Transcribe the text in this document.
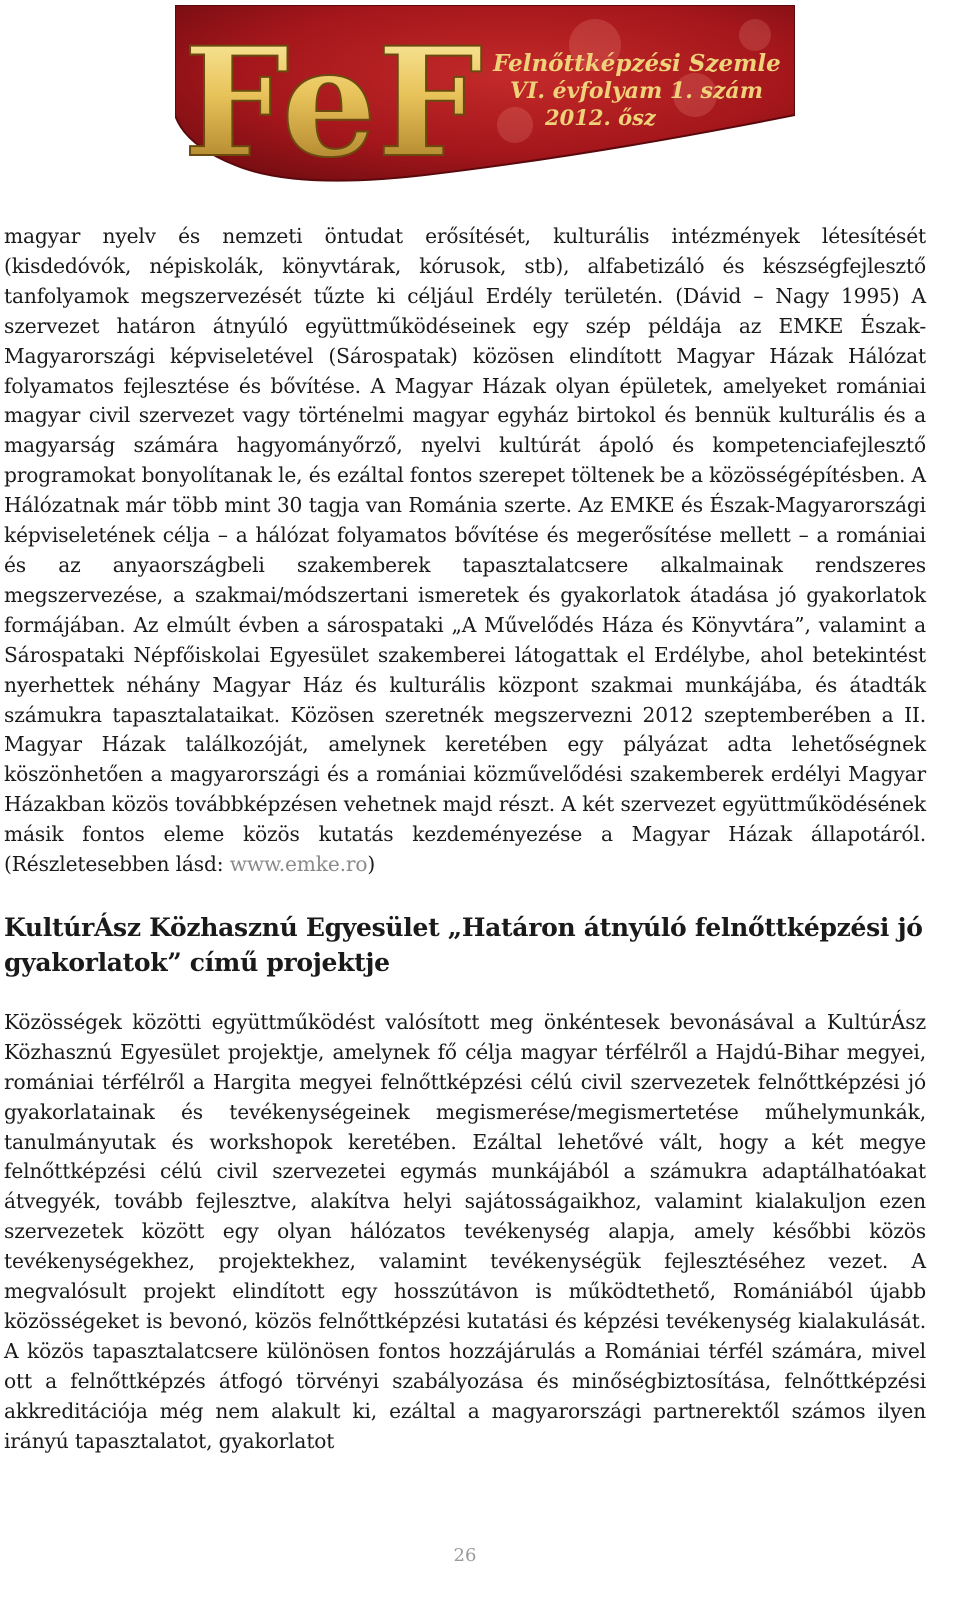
FeF Felnőttképzési Szemle
VI. évfolyam 1. szám
2012. ősz

magyar nyelv és nemzeti öntudat erősítését, kulturális intézmények létesítését (kisdedóvók, népiskolák, könyvtárak, kórusok, stb), alfabetizáló és készségfejlesztő tanfolyamok megszervezését tűzte ki céljául Erdély területén. (Dávid – Nagy 1995) A szervezet határon átnyúló együttműködéseinek egy szép példája az EMKE Észak-Magyarországi képviseletével (Sárospatak) közösen elindított Magyar Házak Hálózat folyamatos fejlesztése és bővítése. A Magyar Házak olyan épületek, amelyeket romániai magyar civil szervezet vagy történelmi magyar egyház birtokol és bennük kulturális és a magyarság számára hagyományőrző, nyelvi kultúrát ápoló és kompetenciafejlesztő programokat bonyolítanak le, és ezáltal fontos szerepet töltenek be a közösségépítésben. A Hálózatnak már több mint 30 tagja van Románia szerte. Az EMKE és Észak-Magyarországi képviseletének célja – a hálózat folyamatos bővítése és megerősítése mellett – a romániai és az anyaországbeli szakemberek tapasztalatcsere alkalmainak rendszeres megszervezése, a szakmai/módszertani ismeretek és gyakorlatok átadása jó gyakorlatok formájában. Az elmúlt évben a sárospataki „A Művelődés Háza és Könyvtára”, valamint a Sárospataki Népfőiskolai Egyesület szakemberei látogattak el Erdélybe, ahol betekintést nyerhettek néhány Magyar Ház és kulturális központ szakmai munkájába, és átadták számukra tapasztalataikat. Közösen szeretnék megszervezni 2012 szeptemberében a II. Magyar Házak találkozóját, amelynek keretében egy pályázat adta lehetőségnek köszönhetően a magyarországi és a romániai közművelődési szakemberek erdélyi Magyar Házakban közös továbbképzésen vehetnek majd részt. A két szervezet együttműködésének másik fontos eleme közös kutatás kezdeményezése a Magyar Házak állapotáról. (Részletesebben lásd: www.emke.ro)

KultúrÁsz Közhasznú Egyesület „Határon átnyúló felnőttképzési jó gyakorlatok” című projektje

Közösségek közötti együttműködést valósított meg önkéntesek bevonásával a KultúrÁsz Közhasznú Egyesület projektje, amelynek fő célja magyar térfélről a Hajdú-Bihar megyei, romániai térfélről a Hargita megyei felnőttképzési célú civil szervezetek felnőttképzési jó gyakorlatainak és tevékenységeinek megismerése/megismertetése műhelymunkák, tanulmányutak és workshopok keretében. Ezáltal lehetővé vált, hogy a két megye felnőttképzési célú civil szervezetei egymás munkájából a számukra adaptálhatóakat átvegyék, tovább fejlesztve, alakítva helyi sajátosságaikhoz, valamint kialakuljon ezen szervezetek között egy olyan hálózatos tevékenység alapja, amely későbbi közös tevékenységekhez, projektekhez, valamint tevékenységük fejlesztéséhez vezet. A megvalósult projekt elindított egy hosszútávon is működtethető, Romániából újabb közösségeket is bevonó, közös felnőttképzési kutatási és képzési tevékenység kialakulását. A közös tapasztalatcsere különösen fontos hozzájárulás a Romániai térfél számára, mivel ott a felnőttképzés átfogó törvényi szabályozása és minőségbiztosítása, felnőttképzési akkreditációja még nem alakult ki, ezáltal a magyarországi partnerektől számos ilyen irányú tapasztalatot, gyakorlatot

26
